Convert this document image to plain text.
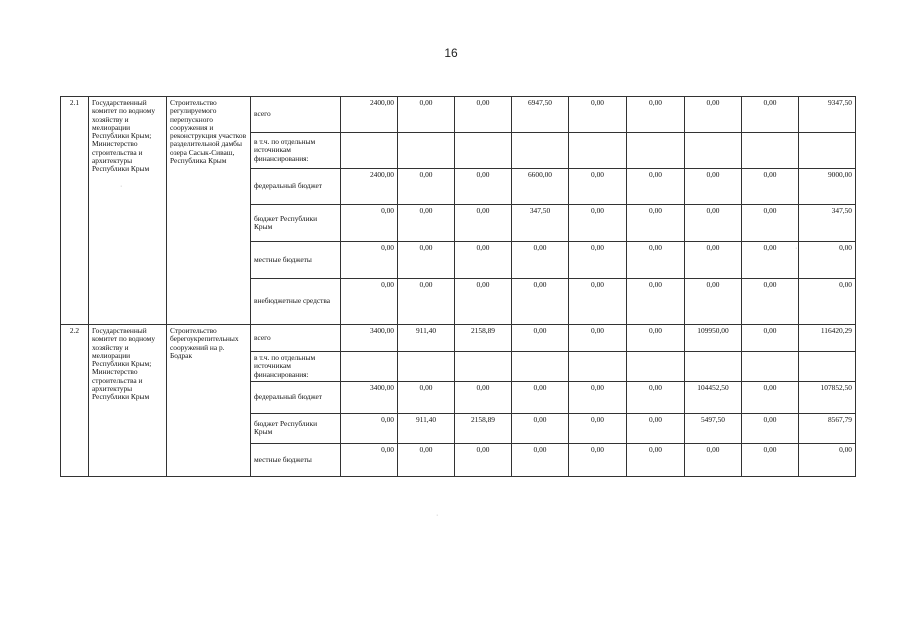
16
2.1	Государственный комитет по водному хозяйству и мелиорации Республики Крым; Министерство строительства и архитектуры Республики Крым	Строительство регулируемого перепускного сооружения и реконструкция участков разделительной дамбы озера Сасык-Сиваш, Республика Крым	всего	2400,00	0,00	0,00	6947,50	0,00	0,00	0,00	0,00	9347,50
			в т.ч. по отдельным источникам финансирования:									
			федеральный бюджет	2400,00	0,00	0,00	6600,00	0,00	0,00	0,00	0,00	9000,00
			бюджет Республики Крым	0,00	0,00	0,00	347,50	0,00	0,00	0,00	0,00	347,50
			местные бюджеты	0,00	0,00	0,00	0,00	0,00	0,00	0,00	0,00	0,00
			внебюджетные средства	0,00	0,00	0,00	0,00	0,00	0,00	0,00	0,00	0,00
2.2	Государственный комитет по водному хозяйству и мелиорации Республики Крым; Министерство строительства и архитектуры Республики Крым	Строительство берегоукрепительных сооружений на р. Бодрак	всего	3400,00	911,40	2158,89	0,00	0,00	0,00	109950,00	0,00	116420,29
			в т.ч. по отдельным источникам финансирования:									
			федеральный бюджет	3400,00	0,00	0,00	0,00	0,00	0,00	104452,50	0,00	107852,50
			бюджет Республики Крым	0,00	911,40	2158,89	0,00	0,00	0,00	5497,50	0,00	8567,79
			местные бюджеты	0,00	0,00	0,00	0,00	0,00	0,00	0,00	0,00	0,00
·
·
·
